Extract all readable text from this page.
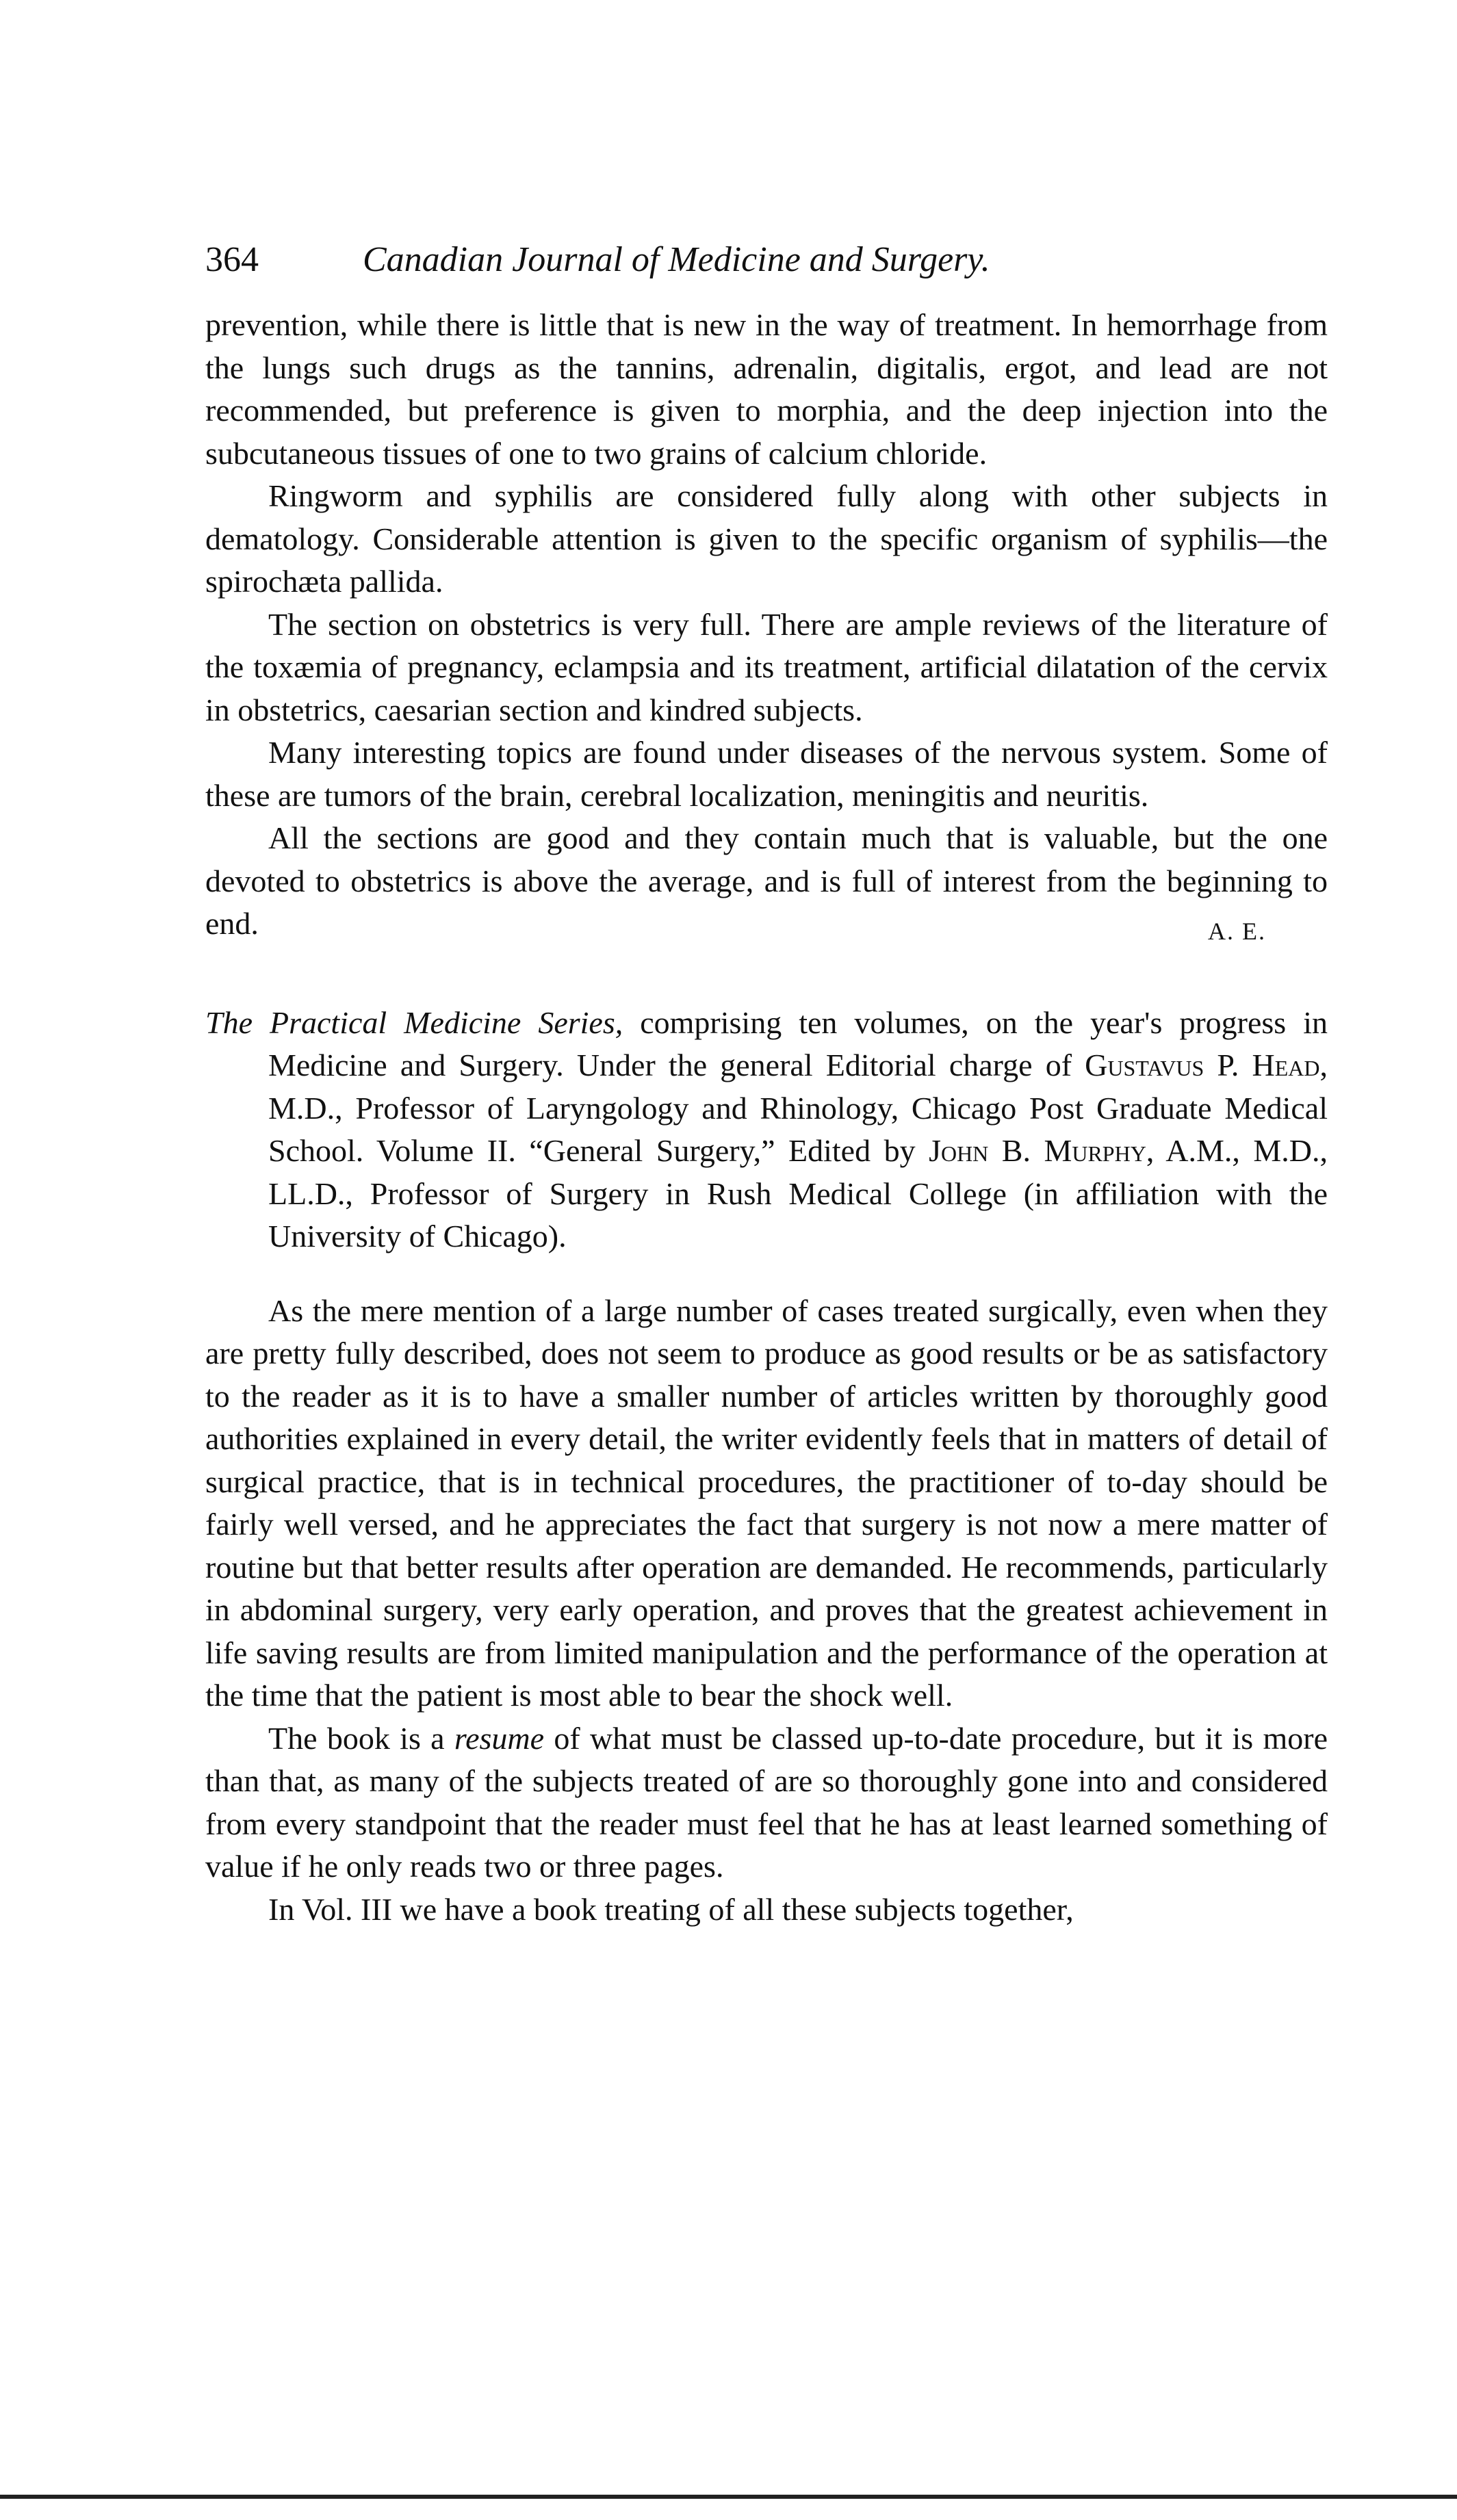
364	Canadian Journal of Medicine and Surgery.

prevention, while there is little that is new in the way of treatment. In hemorrhage from the lungs such drugs as the tannins, adrenalin, digitalis, ergot, and lead are not recommended, but preference is given to morphia, and the deep injection into the subcutaneous tissues of one to two grains of calcium chloride.

Ringworm and syphilis are considered fully along with other subjects in dematology. Considerable attention is given to the specific organism of syphilis—the spirochæta pallida.

The section on obstetrics is very full. There are ample reviews of the literature of the toxæmia of pregnancy, eclampsia and its treatment, artificial dilatation of the cervix in obstetrics, caesarian section and kindred subjects.

Many interesting topics are found under diseases of the nervous system. Some of these are tumors of the brain, cerebral localization, meningitis and neuritis.

All the sections are good and they contain much that is valuable, but the one devoted to obstetrics is above the average, and is full of interest from the beginning to end.	A. E.

The Practical Medicine Series, comprising ten volumes, on the year's progress in Medicine and Surgery. Under the general Editorial charge of Gustavus P. Head, M.D., Professor of Laryngology and Rhinology, Chicago Post Graduate Medical School. Volume II. “General Surgery,” Edited by John B. Murphy, A.M., M.D., LL.D., Professor of Surgery in Rush Medical College (in affiliation with the University of Chicago).

As the mere mention of a large number of cases treated surgically, even when they are pretty fully described, does not seem to produce as good results or be as satisfactory to the reader as it is to have a smaller number of articles written by thoroughly good authorities explained in every detail, the writer evidently feels that in matters of detail of surgical practice, that is in technical procedures, the practitioner of to-day should be fairly well versed, and he appreciates the fact that surgery is not now a mere matter of routine but that better results after operation are demanded. He recommends, particularly in abdominal surgery, very early operation, and proves that the greatest achievement in life saving results are from limited manipulation and the performance of the operation at the time that the patient is most able to bear the shock well.

The book is a resume of what must be classed up-to-date procedure, but it is more than that, as many of the subjects treated of are so thoroughly gone into and considered from every standpoint that the reader must feel that he has at least learned something of value if he only reads two or three pages.

In Vol. III we have a book treating of all these subjects together,
